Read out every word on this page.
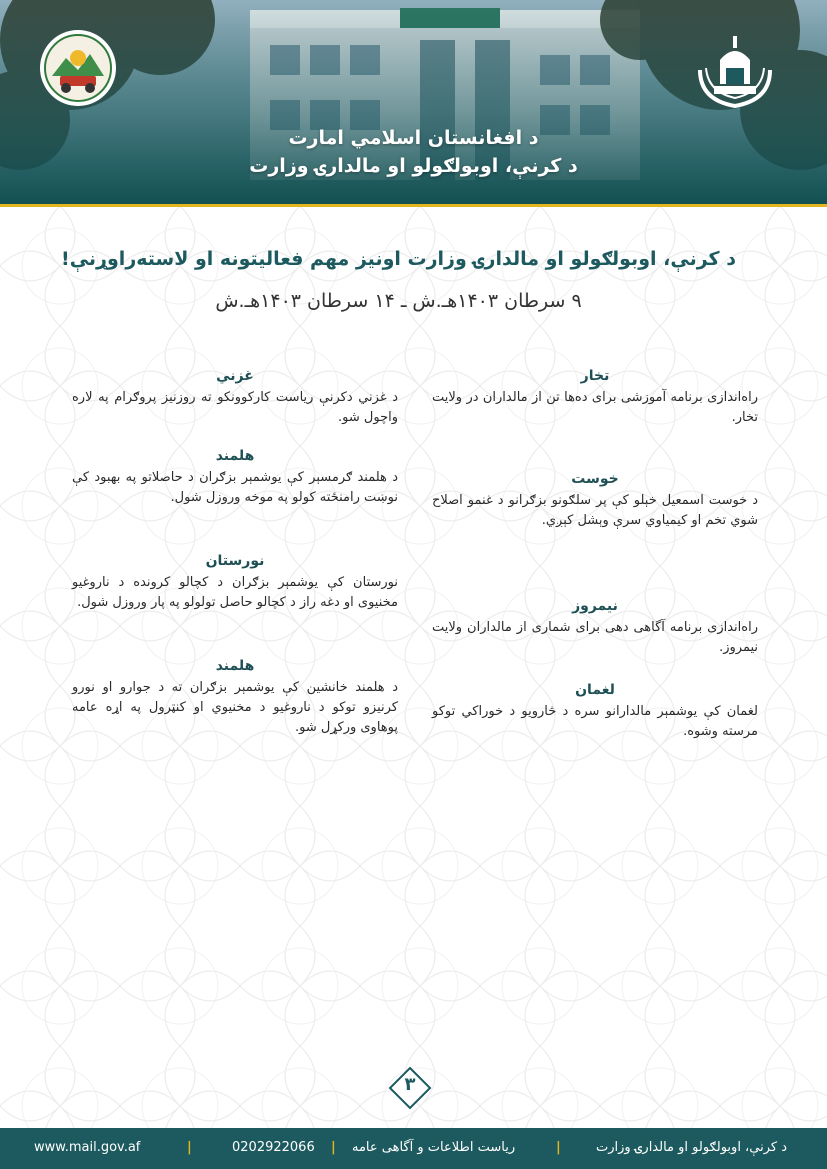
د افغانستان اسلامي امارت
د کرنې، اوبولګولو او مالدارۍ وزارت
د کرنې، اوبولګولو او مالدارۍ وزارت اونیز مهم فعالیتونه او لاسته‌راوړنې!
۹ سرطان ۱۴۰۳هـ.ش ـ ۱۴ سرطان ۱۴۰۳هـ.ش
تخار
راه‌اندازی برنامه آموزشی برای ده‌ها تن از مالداران در ولایت تخار.
خوست
د خوست اسمعیل خېلو کې پر سلګونو بزګرانو د غنمو اصلاح شوي تخم او کیمیاوي سرې وېشل کېږي.
نیمروز
راه‌اندازی برنامه آگاهی دهی برای شماری از مالداران ولایت نیمروز.
لغمان
لغمان کې یوشمېر مالدارانو سره د څارویو د خوراکي توکو مرسته وشوه.
غزني
د غزني دکرنې ریاست کارکوونکو ته روزنیز پروګرام په لاره واچول شو.
هلمند
د هلمند ګرمسېر کې یوشمېر بزګران د حاصلاتو په بهبود کې نوښت رامنځته کولو په موخه وروزل شول.
نورستان
نورستان کې یوشمېر بزګران د کچالو کرونده د ناروغیو مخنیوی او دغه راز د کچالو حاصل تولولو په پار وروزل شول.
هلمند
د هلمند خانشین کې یوشمېر بزګران ته د جوارو او نورو کرنیزو توکو د ناروغیو د مخنیوي او کنټرول په اړه عامه پوهاوی ورکړل شو.
۳
د کرنې، اوبولګولو او مالدارۍ وزارت
|
ریاست اطلاعات و آگاهی عامه
|
0202922066
|
www.mail.gov.af
